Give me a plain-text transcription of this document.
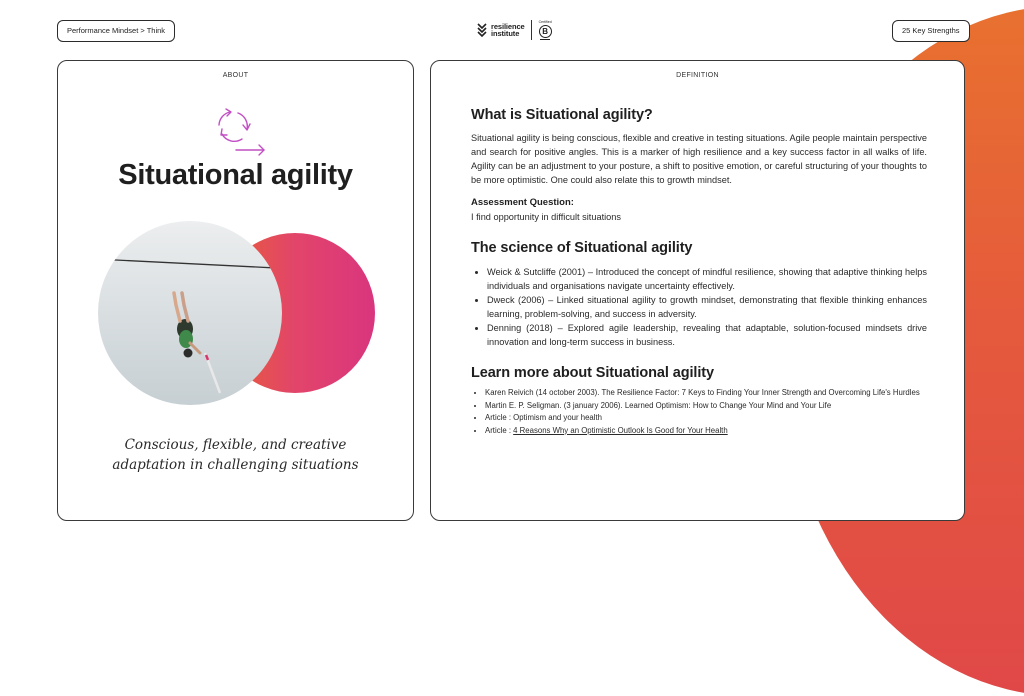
Performance Mindset > Think	resilience
institute
Certified
B	25 Key Strengths
ABOUT
Situational agility
Conscious, flexible, and creative adaptation in challenging situations
DEFINITION
What is Situational agility?

Situational agility is being conscious, flexible and creative in testing situations. Agile people maintain perspective and search for positive angles. This is a marker of high resilience and a key success factor in all walks of life. Agility can be an adjustment to your posture, a shift to positive emotion, or careful structuring of your thoughts to be more optimistic. One could also relate this to growth mindset.

Assessment Question:
I find opportunity in difficult situations
The science of Situational agility
• Weick & Sutcliffe (2001) – Introduced the concept of mindful resilience, showing that adaptive thinking helps individuals and organisations navigate uncertainty effectively.
• Dweck (2006) – Linked situational agility to growth mindset, demonstrating that flexible thinking enhances learning, problem-solving, and success in adversity.
• Denning (2018) – Explored agile leadership, revealing that adaptable, solution-focused mindsets drive innovation and long-term success in business.
Learn more about Situational agility
• Karen Reivich (14 october 2003). The Resilience Factor: 7 Keys to Finding Your Inner Strength and Overcoming Life's Hurdles
• Martin E. P. Seligman. (3 january 2006). Learned Optimism: How to Change Your Mind and Your Life
• Article : Optimism and your health
• Article : 4 Reasons Why an Optimistic Outlook Is Good for Your Health
